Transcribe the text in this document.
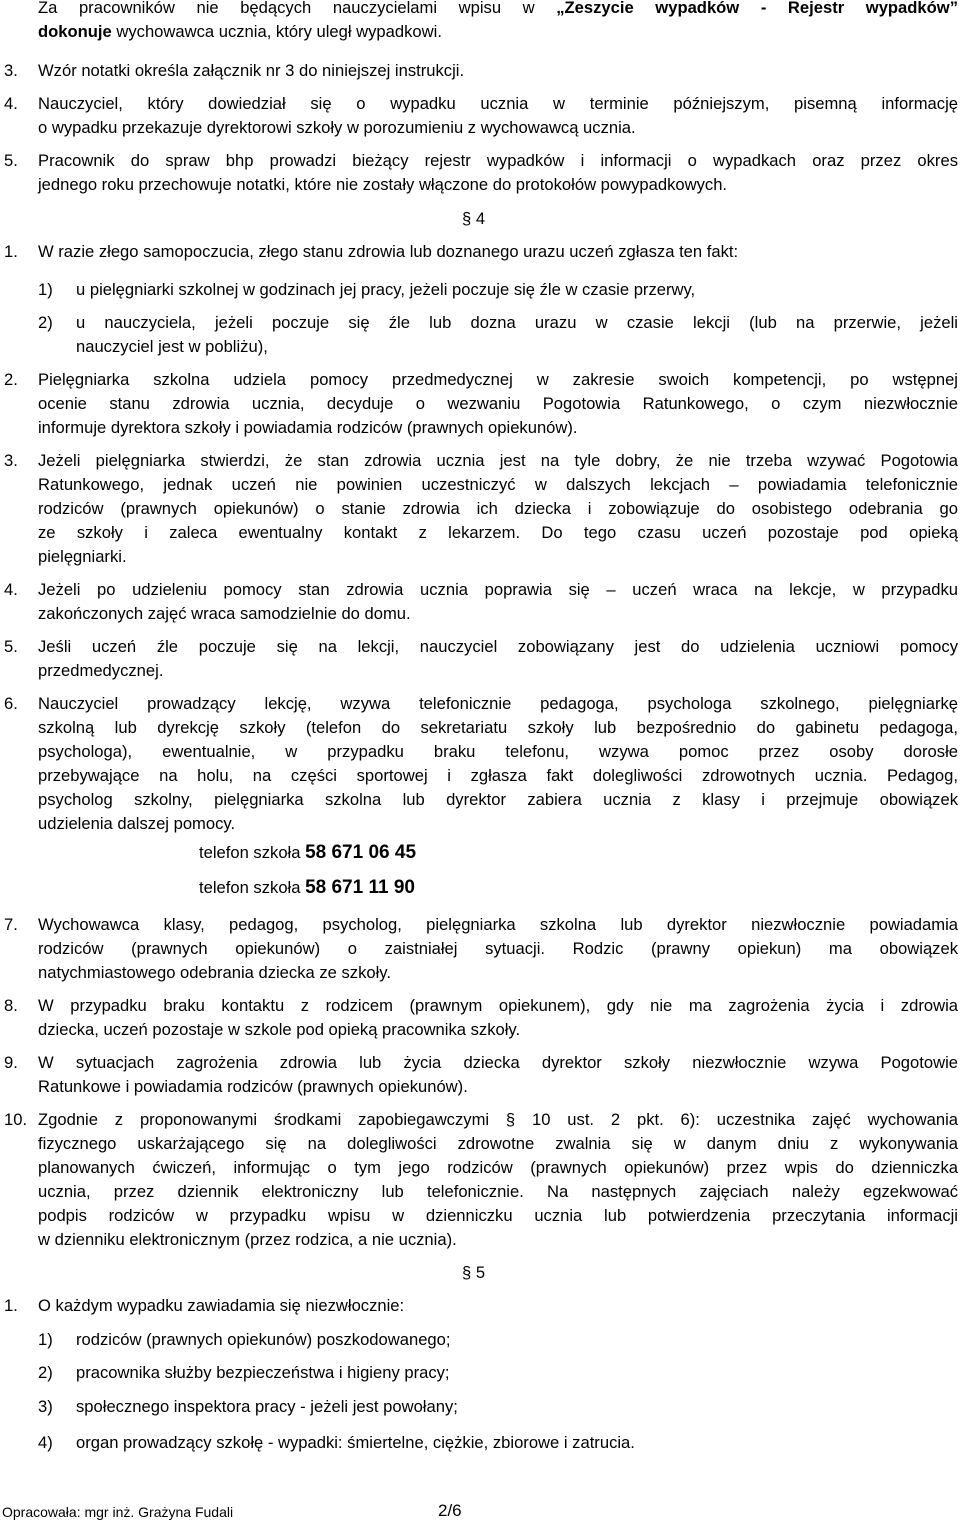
Za pracowników nie będących nauczycielami wpisu w „Zeszycie wypadków - Rejestr wypadków”
dokonuje wychowawca ucznia, który uległ wypadkowi.
3. Wzór notatki określa załącznik nr 3 do niniejszej instrukcji.
4. Nauczyciel, który dowiedział się o wypadku ucznia w terminie późniejszym, pisemną informację
o wypadku przekazuje dyrektorowi szkoły w porozumieniu z wychowawcą ucznia.
5. Pracownik do spraw bhp prowadzi bieżący rejestr wypadków i informacji o wypadkach oraz przez okres
jednego roku przechowuje notatki, które nie zostały włączone do protokołów powypadkowych.
§ 4
1. W razie złego samopoczucia, złego stanu zdrowia lub doznanego urazu uczeń zgłasza ten fakt:
1) u pielęgniarki szkolnej w godzinach jej pracy, jeżeli poczuje się źle w czasie przerwy,
2) u nauczyciela, jeżeli poczuje się źle lub dozna urazu w czasie lekcji (lub na przerwie, jeżeli
nauczyciel jest w pobliżu),
2. Pielęgniarka szkolna udziela pomocy przedmedycznej w zakresie swoich kompetencji, po wstępnej
ocenie stanu zdrowia ucznia, decyduje o wezwaniu Pogotowia Ratunkowego, o czym niezwłocznie
informuje dyrektora szkoły i powiadamia rodziców (prawnych opiekunów).
3. Jeżeli pielęgniarka stwierdzi, że stan zdrowia ucznia jest na tyle dobry, że nie trzeba wzywać Pogotowia
Ratunkowego, jednak uczeń nie powinien uczestniczyć w dalszych lekcjach – powiadamia telefonicznie
rodziców (prawnych opiekunów) o stanie zdrowia ich dziecka i zobowiązuje do osobistego odebrania go
ze szkoły i zaleca ewentualny kontakt z lekarzem. Do tego czasu uczeń pozostaje pod opieką
pielęgniarki.
4. Jeżeli po udzieleniu pomocy stan zdrowia ucznia poprawia się – uczeń wraca na lekcje, w przypadku
zakończonych zajęć wraca samodzielnie do domu.
5. Jeśli uczeń źle poczuje się na lekcji, nauczyciel zobowiązany jest do udzielenia uczniowi pomocy
przedmedycznej.
6. Nauczyciel prowadzący lekcję, wzywa telefonicznie pedagoga, psychologa szkolnego, pielęgniarkę
szkolną lub dyrekcję szkoły (telefon do sekretariatu szkoły lub bezpośrednio do gabinetu pedagoga,
psychologa), ewentualnie, w przypadku braku telefonu, wzywa pomoc przez osoby dorosłe
przebywające na holu, na części sportowej i zgłasza fakt dolegliwości zdrowotnych ucznia. Pedagog,
psycholog szkolny, pielęgniarka szkolna lub dyrektor zabiera ucznia z klasy i przejmuje obowiązek
udzielenia dalszej pomocy.
telefon szkoła 58 671 06 45
telefon szkoła 58 671 11 90
7. Wychowawca klasy, pedagog, psycholog, pielęgniarka szkolna lub dyrektor niezwłocznie powiadamia
rodziców (prawnych opiekunów) o zaistniałej sytuacji. Rodzic (prawny opiekun) ma obowiązek
natychmiastowego odebrania dziecka ze szkoły.
8. W przypadku braku kontaktu z rodzicem (prawnym opiekunem), gdy nie ma zagrożenia życia i zdrowia
dziecka, uczeń pozostaje w szkole pod opieką pracownika szkoły.
9. W sytuacjach zagrożenia zdrowia lub życia dziecka dyrektor szkoły niezwłocznie wzywa Pogotowie
Ratunkowe i powiadamia rodziców (prawnych opiekunów).
10. Zgodnie z proponowanymi środkami zapobiegawczymi § 10 ust. 2 pkt. 6): uczestnika zajęć wychowania
fizycznego uskarżającego się na dolegliwości zdrowotne zwalnia się w danym dniu z wykonywania
planowanych ćwiczeń, informując o tym jego rodziców (prawnych opiekunów) przez wpis do dzienniczka
ucznia, przez dziennik elektroniczny lub telefonicznie. Na następnych zajęciach należy egzekwować
podpis rodziców w przypadku wpisu w dzienniczku ucznia lub potwierdzenia przeczytania informacji
w dzienniku elektronicznym (przez rodzica, a nie ucznia).
§ 5
1. O każdym wypadku zawiadamia się niezwłocznie:
1) rodziców (prawnych opiekunów) poszkodowanego;
2) pracownika służby bezpieczeństwa i higieny pracy;
3) społecznego inspektora pracy - jeżeli jest powołany;
4) organ prowadzący szkołę - wypadki: śmiertelne, ciężkie, zbiorowe i zatrucia.
Opracowała: mgr inż. Grażyna Fudali	2/6
